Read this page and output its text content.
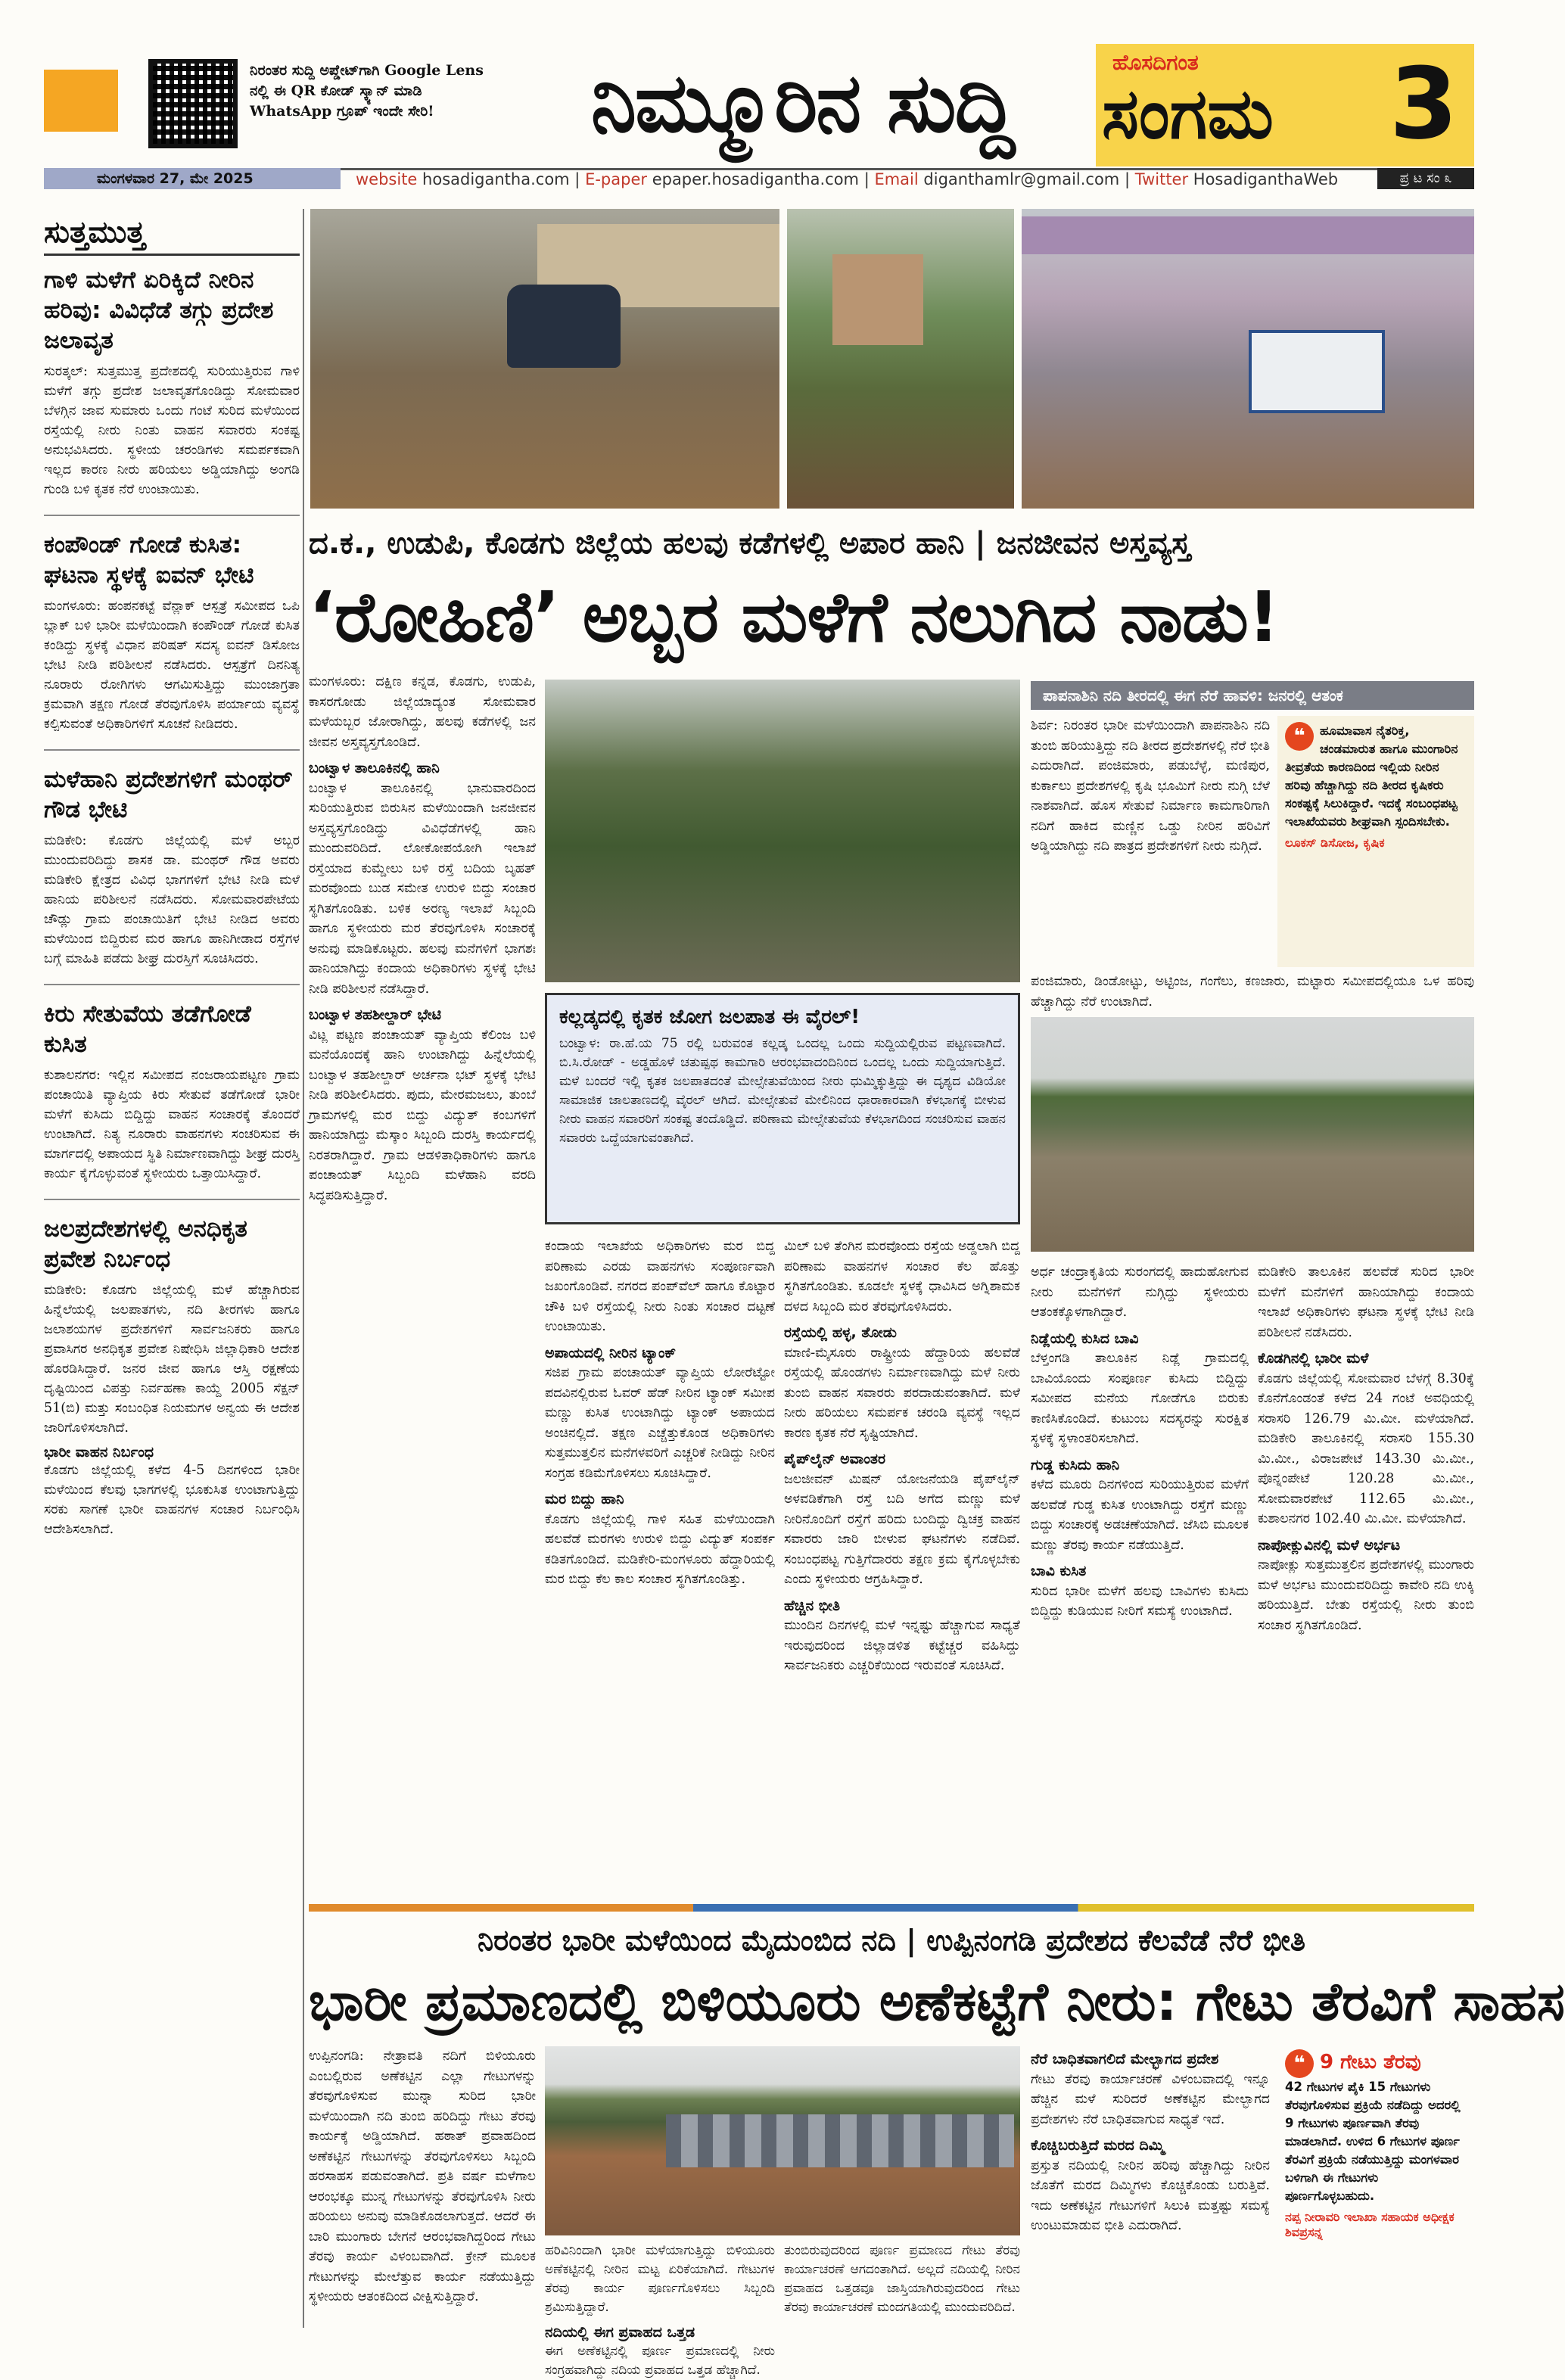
ನಿರಂತರ ಸುದ್ದಿ ಅಪ್ಡೇಟ್‌ಗಾಗಿ Google Lens ನಲ್ಲಿ ಈ QR ಕೋಡ್ ಸ್ಕ್ಯಾನ್ ಮಾಡಿ WhatsApp ಗ್ರೂಪ್ ಇಂದೇ ಸೇರಿ!	ನಿಮ್ಮೂರಿನ ಸುದ್ದಿ	ಹೊಸದಿಗಂತ
ಸಂಗಮ 3
ಮಂಗಳವಾರ 27, ಮೇ 2025	website hosadigantha.com | E-paper epaper.hosadigantha.com | Email diganthamlr@gmail.com | Twitter HosadiganthaWeb	ಪ್ರ ಟ ಸಂ ೩
ಸುತ್ತಮುತ್ತ
ಗಾಳಿ ಮಳೆಗೆ ಏರಿಕ್ಕಿದೆ ನೀರಿನ ಹರಿವು: ವಿವಿಧೆಡೆ ತಗ್ಗು ಪ್ರದೇಶ ಜಲಾವೃತ
ಸುರತ್ಕಲ್: ಸುತ್ತಮುತ್ತ ಪ್ರದೇಶದಲ್ಲಿ ಸುರಿಯುತ್ತಿರುವ ಗಾಳಿ ಮಳೆಗೆ ತಗ್ಗು ಪ್ರದೇಶ ಜಲಾವೃತಗೊಂಡಿದ್ದು ಸೋಮವಾರ ಬೆಳಗ್ಗಿನ ಜಾವ ಸುಮಾರು ಒಂದು ಗಂಟೆ ಸುರಿದ ಮಳೆಯಿಂದ ರಸ್ತೆಯಲ್ಲಿ ನೀರು ನಿಂತು ವಾಹನ ಸವಾರರು ಸಂಕಷ್ಟ ಅನುಭವಿಸಿದರು. ಸ್ಥಳೀಯ ಚರಂಡಿಗಳು ಸಮರ್ಪಕವಾಗಿ ಇಲ್ಲದ ಕಾರಣ ನೀರು ಹರಿಯಲು ಅಡ್ಡಿಯಾಗಿದ್ದು ಅಂಗಡಿ ಗುಂಡಿ ಬಳಿ ಕೃತಕ ನೆರೆ ಉಂಟಾಯಿತು.
ಕಂಪೌಂಡ್ ಗೋಡೆ ಕುಸಿತ: ಘಟನಾ ಸ್ಥಳಕ್ಕೆ ಐವನ್ ಭೇಟಿ
ಮಂಗಳೂರು: ಹಂಪನಕಟ್ಟೆ ವೆನ್ಲಾಕ್ ಆಸ್ಪತ್ರೆ ಸಮೀಪದ ಒಪಿ ಬ್ಲಾಕ್ ಬಳಿ ಭಾರೀ ಮಳೆಯಿಂದಾಗಿ ಕಂಪೌಂಡ್ ಗೋಡೆ ಕುಸಿತ ಕಂಡಿದ್ದು ಸ್ಥಳಕ್ಕೆ ವಿಧಾನ ಪರಿಷತ್ ಸದಸ್ಯ ಐವನ್ ಡಿಸೋಜ ಭೇಟಿ ನೀಡಿ ಪರಿಶೀಲನೆ ನಡೆಸಿದರು. ಆಸ್ಪತ್ರೆಗೆ ದಿನನಿತ್ಯ ನೂರಾರು ರೋಗಿಗಳು ಆಗಮಿಸುತ್ತಿದ್ದು ಮುಂಜಾಗ್ರತಾ ಕ್ರಮವಾಗಿ ತಕ್ಷಣ ಗೋಡೆ ತೆರವುಗೊಳಿಸಿ ಪರ್ಯಾಯ ವ್ಯವಸ್ಥೆ ಕಲ್ಪಿಸುವಂತೆ ಅಧಿಕಾರಿಗಳಿಗೆ ಸೂಚನೆ ನೀಡಿದರು.
ಮಳೆಹಾನಿ ಪ್ರದೇಶಗಳಿಗೆ ಮಂಥರ್ ಗೌಡ ಭೇಟಿ
ಮಡಿಕೇರಿ: ಕೊಡಗು ಜಿಲ್ಲೆಯಲ್ಲಿ ಮಳೆ ಅಬ್ಬರ ಮುಂದುವರಿದಿದ್ದು ಶಾಸಕ ಡಾ. ಮಂಥರ್ ಗೌಡ ಅವರು ಮಡಿಕೇರಿ ಕ್ಷೇತ್ರದ ವಿವಿಧ ಭಾಗಗಳಿಗೆ ಭೇಟಿ ನೀಡಿ ಮಳೆ ಹಾನಿಯ ಪರಿಶೀಲನೆ ನಡೆಸಿದರು. ಸೋಮವಾರಪೇಟೆಯ ಚೌಡ್ಲು ಗ್ರಾಮ ಪಂಚಾಯಿತಿಗೆ ಭೇಟಿ ನೀಡಿದ ಅವರು ಮಳೆಯಿಂದ ಬಿದ್ದಿರುವ ಮರ ಹಾಗೂ ಹಾನಿಗೀಡಾದ ರಸ್ತೆಗಳ ಬಗ್ಗೆ ಮಾಹಿತಿ ಪಡೆದು ಶೀಘ್ರ ದುರಸ್ತಿಗೆ ಸೂಚಿಸಿದರು.
ಕಿರು ಸೇತುವೆಯ ತಡೆಗೋಡೆ ಕುಸಿತ
ಕುಶಾಲನಗರ: ಇಲ್ಲಿನ ಸಮೀಪದ ನಂಜರಾಯಪಟ್ಟಣ ಗ್ರಾಮ ಪಂಚಾಯಿತಿ ವ್ಯಾಪ್ತಿಯ ಕಿರು ಸೇತುವೆ ತಡೆಗೋಡೆ ಭಾರೀ ಮಳೆಗೆ ಕುಸಿದು ಬಿದ್ದಿದ್ದು ವಾಹನ ಸಂಚಾರಕ್ಕೆ ತೊಂದರೆ ಉಂಟಾಗಿದೆ. ನಿತ್ಯ ನೂರಾರು ವಾಹನಗಳು ಸಂಚರಿಸುವ ಈ ಮಾರ್ಗದಲ್ಲಿ ಅಪಾಯದ ಸ್ಥಿತಿ ನಿರ್ಮಾಣವಾಗಿದ್ದು ಶೀಘ್ರ ದುರಸ್ತಿ ಕಾರ್ಯ ಕೈಗೊಳ್ಳುವಂತೆ ಸ್ಥಳೀಯರು ಒತ್ತಾಯಿಸಿದ್ದಾರೆ.
ಜಲಪ್ರದೇಶಗಳಲ್ಲಿ ಅನಧಿಕೃತ ಪ್ರವೇಶ ನಿರ್ಬಂಧ
ಮಡಿಕೇರಿ: ಕೊಡಗು ಜಿಲ್ಲೆಯಲ್ಲಿ ಮಳೆ ಹೆಚ್ಚಾಗಿರುವ ಹಿನ್ನೆಲೆಯಲ್ಲಿ ಜಲಪಾತಗಳು, ನದಿ ತೀರಗಳು ಹಾಗೂ ಜಲಾಶಯಗಳ ಪ್ರದೇಶಗಳಿಗೆ ಸಾರ್ವಜನಿಕರು ಹಾಗೂ ಪ್ರವಾಸಿಗರ ಅನಧಿಕೃತ ಪ್ರವೇಶ ನಿಷೇಧಿಸಿ ಜಿಲ್ಲಾಧಿಕಾರಿ ಆದೇಶ ಹೊರಡಿಸಿದ್ದಾರೆ. ಜನರ ಜೀವ ಹಾಗೂ ಆಸ್ತಿ ರಕ್ಷಣೆಯ ದೃಷ್ಟಿಯಿಂದ ವಿಪತ್ತು ನಿರ್ವಹಣಾ ಕಾಯ್ದೆ 2005 ಸೆಕ್ಷನ್ 51(ಬಿ) ಮತ್ತು ಸಂಬಂಧಿತ ನಿಯಮಗಳ ಅನ್ವಯ ಈ ಆದೇಶ ಜಾರಿಗೊಳಿಸಲಾಗಿದೆ.
ಭಾರೀ ವಾಹನ ನಿರ್ಬಂಧ
ಕೊಡಗು ಜಿಲ್ಲೆಯಲ್ಲಿ ಕಳೆದ 4-5 ದಿನಗಳಿಂದ ಭಾರೀ ಮಳೆಯಿಂದ ಕೆಲವು ಭಾಗಗಳಲ್ಲಿ ಭೂಕುಸಿತ ಉಂಟಾಗುತ್ತಿದ್ದು ಸರಕು ಸಾಗಣೆ ಭಾರೀ ವಾಹನಗಳ ಸಂಚಾರ ನಿರ್ಬಂಧಿಸಿ ಆದೇಶಿಸಲಾಗಿದೆ.
ದ.ಕ., ಉಡುಪಿ, ಕೊಡಗು ಜಿಲ್ಲೆಯ ಹಲವು ಕಡೆಗಳಲ್ಲಿ ಅಪಾರ ಹಾನಿ | ಜನಜೀವನ ಅಸ್ತವ್ಯಸ್ತ
‘ರೋಹಿಣಿ’ ಅಬ್ಬರ ಮಳೆಗೆ ನಲುಗಿದ ನಾಡು!
ಮಂಗಳೂರು: ದಕ್ಷಿಣ ಕನ್ನಡ, ಕೊಡಗು, ಉಡುಪಿ, ಕಾಸರಗೋಡು ಜಿಲ್ಲೆಯಾದ್ಯಂತ ಸೋಮವಾರ ಮಳೆಯಬ್ಬರ ಜೋರಾಗಿದ್ದು, ಹಲವು ಕಡೆಗಳಲ್ಲಿ ಜನ ಜೀವನ ಅಸ್ತವ್ಯಸ್ತಗೊಂಡಿದೆ.
ಬಂಟ್ವಾಳ ತಾಲೂಕಿನಲ್ಲಿ ಹಾನಿ
ಬಂಟ್ವಾಳ ತಾಲೂಕಿನಲ್ಲಿ ಭಾನುವಾರದಿಂದ ಸುರಿಯುತ್ತಿರುವ ಬಿರುಸಿನ ಮಳೆಯಿಂದಾಗಿ ಜನಜೀವನ ಅಸ್ತವ್ಯಸ್ತಗೊಂಡಿದ್ದು ವಿವಿಧೆಡೆಗಳಲ್ಲಿ ಹಾನಿ ಮುಂದುವರಿದಿದೆ. ಲೋಕೋಪಯೋಗಿ ಇಲಾಖೆ ರಸ್ತೆಯಾದ ಕುಮ್ಡೇಲು ಬಳಿ ರಸ್ತೆ ಬದಿಯ ಬೃಹತ್ ಮರವೊಂದು ಬುಡ ಸಮೇತ ಉರುಳಿ ಬಿದ್ದು ಸಂಚಾರ ಸ್ಥಗಿತಗೊಂಡಿತು. ಬಳಿಕ ಅರಣ್ಯ ಇಲಾಖೆ ಸಿಬ್ಬಂದಿ ಹಾಗೂ ಸ್ಥಳೀಯರು ಮರ ತೆರವುಗೊಳಿಸಿ ಸಂಚಾರಕ್ಕೆ ಅನುವು ಮಾಡಿಕೊಟ್ಟರು. ಹಲವು ಮನೆಗಳಿಗೆ ಭಾಗಶಃ ಹಾನಿಯಾಗಿದ್ದು ಕಂದಾಯ ಅಧಿಕಾರಿಗಳು ಸ್ಥಳಕ್ಕೆ ಭೇಟಿ ನೀಡಿ ಪರಿಶೀಲನೆ ನಡೆಸಿದ್ದಾರೆ.
ಬಂಟ್ವಾಳ ತಹಶೀಲ್ದಾರ್ ಭೇಟಿ
ವಿಟ್ಲ ಪಟ್ಟಣ ಪಂಚಾಯತ್ ವ್ಯಾಪ್ತಿಯ ಕೆಲಿಂಜ ಬಳಿ ಮನೆಯೊಂದಕ್ಕೆ ಹಾನಿ ಉಂಟಾಗಿದ್ದು ಹಿನ್ನೆಲೆಯಲ್ಲಿ ಬಂಟ್ವಾಳ ತಹಶೀಲ್ದಾರ್ ಅರ್ಚನಾ ಭಟ್ ಸ್ಥಳಕ್ಕೆ ಭೇಟಿ ನೀಡಿ ಪರಿಶೀಲಿಸಿದರು. ಪುದು, ಮೇರಮಜಲು, ತುಂಬೆ ಗ್ರಾಮಗಳಲ್ಲಿ ಮರ ಬಿದ್ದು ವಿದ್ಯುತ್ ಕಂಬಗಳಿಗೆ ಹಾನಿಯಾಗಿದ್ದು ಮೆಸ್ಕಾಂ ಸಿಬ್ಬಂದಿ ದುರಸ್ತಿ ಕಾರ್ಯದಲ್ಲಿ ನಿರತರಾಗಿದ್ದಾರೆ. ಗ್ರಾಮ ಆಡಳಿತಾಧಿಕಾರಿಗಳು ಹಾಗೂ ಪಂಚಾಯತ್ ಸಿಬ್ಬಂದಿ ಮಳೆಹಾನಿ ವರದಿ ಸಿದ್ಧಪಡಿಸುತ್ತಿದ್ದಾರೆ.
ಕಲ್ಲಡ್ಕದಲ್ಲಿ ಕೃತಕ ಜೋಗ ಜಲಪಾತ ಈ ವೈರಲ್!

ಬಂಟ್ವಾಳ: ರಾ.ಹೆ.ಯ 75 ರಲ್ಲಿ ಬರುವಂತ ಕಲ್ಲಡ್ಕ ಒಂದಲ್ಲ ಒಂದು ಸುದ್ದಿಯಲ್ಲಿರುವ ಪಟ್ಟಣವಾಗಿದೆ. ಬಿ.ಸಿ.ರೋಡ್ - ಅಡ್ಡಹೊಳೆ ಚತುಷ್ಪಥ ಕಾಮಗಾರಿ ಆರಂಭವಾದಂದಿನಿಂದ ಒಂದಲ್ಲ ಒಂದು ಸುದ್ದಿಯಾಗುತ್ತಿದೆ. ಮಳೆ ಬಂದರೆ ಇಲ್ಲಿ ಕೃತಕ ಜಲಪಾತದಂತೆ ಮೇಲ್ಸೇತುವೆಯಿಂದ ನೀರು ಧುಮ್ಮಿಕ್ಕುತ್ತಿದ್ದು ಈ ದೃಶ್ಯದ ವಿಡಿಯೋ ಸಾಮಾಜಿಕ ಜಾಲತಾಣದಲ್ಲಿ ವೈರಲ್ ಆಗಿದೆ. ಮೇಲ್ಸೇತುವೆ ಮೇಲಿನಿಂದ ಧಾರಾಕಾರವಾಗಿ ಕೆಳಭಾಗಕ್ಕೆ ಬೀಳುವ ನೀರು ವಾಹನ ಸವಾರರಿಗೆ ಸಂಕಷ್ಟ ತಂದೊಡ್ಡಿದೆ. ಪರಿಣಾಮ ಮೇಲ್ಸೇತುವೆಯ ಕೆಳಭಾಗದಿಂದ ಸಂಚರಿಸುವ ವಾಹನ ಸವಾರರು ಒದ್ದೆಯಾಗುವಂತಾಗಿದೆ.

ಕಂದಾಯ ಇಲಾಖೆಯ ಅಧಿಕಾರಿಗಳು ಮರ ಬಿದ್ದ ಪರಿಣಾಮ ಎರಡು ವಾಹನಗಳು ಸಂಪೂರ್ಣವಾಗಿ ಜಖಂಗೊಂಡಿವೆ. ನಗರದ ಪಂಪ್‌ವೆಲ್ ಹಾಗೂ ಕೊಟ್ಟಾರ ಚೌಕಿ ಬಳಿ ರಸ್ತೆಯಲ್ಲಿ ನೀರು ನಿಂತು ಸಂಚಾರ ದಟ್ಟಣೆ ಉಂಟಾಯಿತು.
ಅಪಾಯದಲ್ಲಿ ನೀರಿನ ಟ್ಯಾಂಕ್
ಸಜಿಪ ಗ್ರಾಮ ಪಂಚಾಯತ್ ವ್ಯಾಪ್ತಿಯ ಲೋರೆಟ್ಟೋ ಪದವಿನಲ್ಲಿರುವ ಓವರ್ ಹೆಡ್ ನೀರಿನ ಟ್ಯಾಂಕ್ ಸಮೀಪ ಮಣ್ಣು ಕುಸಿತ ಉಂಟಾಗಿದ್ದು ಟ್ಯಾಂಕ್ ಅಪಾಯದ ಅಂಚಿನಲ್ಲಿದೆ. ತಕ್ಷಣ ಎಚ್ಚೆತ್ತುಕೊಂಡ ಅಧಿಕಾರಿಗಳು ಸುತ್ತಮುತ್ತಲಿನ ಮನೆಗಳವರಿಗೆ ಎಚ್ಚರಿಕೆ ನೀಡಿದ್ದು ನೀರಿನ ಸಂಗ್ರಹ ಕಡಿಮೆಗೊಳಿಸಲು ಸೂಚಿಸಿದ್ದಾರೆ.
ಮರ ಬಿದ್ದು ಹಾನಿ
ಕೊಡಗು ಜಿಲ್ಲೆಯಲ್ಲಿ ಗಾಳಿ ಸಹಿತ ಮಳೆಯಿಂದಾಗಿ ಹಲವೆಡೆ ಮರಗಳು ಉರುಳಿ ಬಿದ್ದು ವಿದ್ಯುತ್ ಸಂಪರ್ಕ ಕಡಿತಗೊಂಡಿದೆ. ಮಡಿಕೇರಿ-ಮಂಗಳೂರು ಹೆದ್ದಾರಿಯಲ್ಲಿ ಮರ ಬಿದ್ದು ಕೆಲ ಕಾಲ ಸಂಚಾರ ಸ್ಥಗಿತಗೊಂಡಿತ್ತು.
ಮಿಲ್ ಬಳಿ ತೆಂಗಿನ ಮರವೊಂದು ರಸ್ತೆಯ ಅಡ್ಡಲಾಗಿ ಬಿದ್ದ ಪರಿಣಾಮ ವಾಹನಗಳ ಸಂಚಾರ ಕೆಲ ಹೊತ್ತು ಸ್ಥಗಿತಗೊಂಡಿತು. ಕೂಡಲೇ ಸ್ಥಳಕ್ಕೆ ಧಾವಿಸಿದ ಅಗ್ನಿಶಾಮಕ ದಳದ ಸಿಬ್ಬಂದಿ ಮರ ತೆರವುಗೊಳಿಸಿದರು.
ರಸ್ತೆಯಲ್ಲಿ ಹಳ್ಳ, ತೋಡು
ಮಾಣಿ-ಮೈಸೂರು ರಾಷ್ಟ್ರೀಯ ಹೆದ್ದಾರಿಯ ಹಲವೆಡೆ ರಸ್ತೆಯಲ್ಲಿ ಹೊಂಡಗಳು ನಿರ್ಮಾಣವಾಗಿದ್ದು ಮಳೆ ನೀರು ತುಂಬಿ ವಾಹನ ಸವಾರರು ಪರದಾಡುವಂತಾಗಿದೆ. ಮಳೆ ನೀರು ಹರಿಯಲು ಸಮರ್ಪಕ ಚರಂಡಿ ವ್ಯವಸ್ಥೆ ಇಲ್ಲದ ಕಾರಣ ಕೃತಕ ನೆರೆ ಸೃಷ್ಟಿಯಾಗಿದೆ.
ಪೈಪ್‌ಲೈನ್ ಅವಾಂತರ
ಜಲಜೀವನ್ ಮಿಷನ್ ಯೋಜನೆಯಡಿ ಪೈಪ್‌ಲೈನ್ ಅಳವಡಿಕೆಗಾಗಿ ರಸ್ತೆ ಬದಿ ಅಗೆದ ಮಣ್ಣು ಮಳೆ ನೀರಿನೊಂದಿಗೆ ರಸ್ತೆಗೆ ಹರಿದು ಬಂದಿದ್ದು ದ್ವಿಚಕ್ರ ವಾಹನ ಸವಾರರು ಜಾರಿ ಬೀಳುವ ಘಟನೆಗಳು ನಡೆದಿವೆ. ಸಂಬಂಧಪಟ್ಟ ಗುತ್ತಿಗೆದಾರರು ತಕ್ಷಣ ಕ್ರಮ ಕೈಗೊಳ್ಳಬೇಕು ಎಂದು ಸ್ಥಳೀಯರು ಆಗ್ರಹಿಸಿದ್ದಾರೆ.
ಹೆಚ್ಚಿನ ಭೀತಿ
ಮುಂದಿನ ದಿನಗಳಲ್ಲಿ ಮಳೆ ಇನ್ನಷ್ಟು ಹೆಚ್ಚಾಗುವ ಸಾಧ್ಯತೆ ಇರುವುದರಿಂದ ಜಿಲ್ಲಾಡಳಿತ ಕಟ್ಟೆಚ್ಚರ ವಹಿಸಿದ್ದು ಸಾರ್ವಜನಿಕರು ಎಚ್ಚರಿಕೆಯಿಂದ ಇರುವಂತೆ ಸೂಚಿಸಿದೆ.
ಪಾಪನಾಶಿನಿ ನದಿ ತೀರದಲ್ಲಿ ಈಗ ನೆರೆ ಹಾವಳಿ: ಜನರಲ್ಲಿ ಆತಂಕ
ಶಿರ್ವ: ನಿರಂತರ ಭಾರೀ ಮಳೆಯಿಂದಾಗಿ ಪಾಪನಾಶಿನಿ ನದಿ ತುಂಬಿ ಹರಿಯುತ್ತಿದ್ದು ನದಿ ತೀರದ ಪ್ರದೇಶಗಳಲ್ಲಿ ನೆರೆ ಭೀತಿ ಎದುರಾಗಿದೆ. ಪಂಜಿಮಾರು, ಪಡುಬೆಳ್ಳೆ, ಮಣಿಪುರ, ಕುರ್ಕಾಲು ಪ್ರದೇಶಗಳಲ್ಲಿ ಕೃಷಿ ಭೂಮಿಗೆ ನೀರು ನುಗ್ಗಿ ಬೆಳೆ ನಾಶವಾಗಿದೆ. ಹೊಸ ಸೇತುವೆ ನಿರ್ಮಾಣ ಕಾಮಗಾರಿಗಾಗಿ ನದಿಗೆ ಹಾಕಿದ ಮಣ್ಣಿನ ಒಡ್ಡು ನೀರಿನ ಹರಿವಿಗೆ ಅಡ್ಡಿಯಾಗಿದ್ದು ನದಿ ಪಾತ್ರದ ಪ್ರದೇಶಗಳಿಗೆ ನೀರು ನುಗ್ಗಿದೆ.
❝	ಹೂಮಾವಾಸ ನೈತರಿಕ್ತ, ಚಂಡಮಾರುತ ಹಾಗೂ ಮುಂಗಾರಿನ ತೀವ್ರತೆಯ ಕಾರಣದಿಂದ ಇಲ್ಲಿಯ ನೀರಿನ ಹರಿವು ಹೆಚ್ಚಾಗಿದ್ದು ನದಿ ತೀರದ ಕೃಷಿಕರು ಸಂಕಷ್ಟಕ್ಕೆ ಸಿಲುಕಿದ್ದಾರೆ. ಇದಕ್ಕೆ ಸಂಬಂಧಪಟ್ಟ ಇಲಾಖೆಯವರು ಶೀಘ್ರವಾಗಿ ಸ್ಪಂದಿಸಬೇಕು.
ಲೂಕಸ್ ಡಿಸೋಜ, ಕೃಷಿಕ
ಪಂಜಿಮಾರು, ಡಿಂಡೋಟ್ಟು, ಅಟ್ಟಿಂಜ, ಗಂಗೆಲು, ಕಣಜಾರು, ಮಟ್ಟಾರು ಸಮೀಪದಲ್ಲಿಯೂ ಒಳ ಹರಿವು ಹೆಚ್ಚಾಗಿದ್ದು ನೆರೆ ಉಂಟಾಗಿದೆ.
ಅರ್ಧ ಚಂದ್ರಾಕೃತಿಯ ಸುರಂಗದಲ್ಲಿ ಹಾದುಹೋಗುವ ನೀರು ಮನೆಗಳಿಗೆ ನುಗ್ಗಿದ್ದು ಸ್ಥಳೀಯರು ಆತಂಕಕ್ಕೊಳಗಾಗಿದ್ದಾರೆ.
ನಿಡ್ಲೆಯಲ್ಲಿ ಕುಸಿದ ಬಾವಿ
ಬೆಳ್ತಂಗಡಿ ತಾಲೂಕಿನ ನಿಡ್ಲೆ ಗ್ರಾಮದಲ್ಲಿ ಬಾವಿಯೊಂದು ಸಂಪೂರ್ಣ ಕುಸಿದು ಬಿದ್ದಿದ್ದು ಸಮೀಪದ ಮನೆಯ ಗೋಡೆಗೂ ಬಿರುಕು ಕಾಣಿಸಿಕೊಂಡಿದೆ. ಕುಟುಂಬ ಸದಸ್ಯರನ್ನು ಸುರಕ್ಷಿತ ಸ್ಥಳಕ್ಕೆ ಸ್ಥಳಾಂತರಿಸಲಾಗಿದೆ.
ಗುಡ್ಡ ಕುಸಿದು ಹಾನಿ
ಕಳೆದ ಮೂರು ದಿನಗಳಿಂದ ಸುರಿಯುತ್ತಿರುವ ಮಳೆಗೆ ಹಲವೆಡೆ ಗುಡ್ಡ ಕುಸಿತ ಉಂಟಾಗಿದ್ದು ರಸ್ತೆಗೆ ಮಣ್ಣು ಬಿದ್ದು ಸಂಚಾರಕ್ಕೆ ಅಡಚಣೆಯಾಗಿದೆ. ಜೆಸಿಬಿ ಮೂಲಕ ಮಣ್ಣು ತೆರವು ಕಾರ್ಯ ನಡೆಯುತ್ತಿದೆ.
ಬಾವಿ ಕುಸಿತ
ಸುರಿದ ಭಾರೀ ಮಳೆಗೆ ಹಲವು ಬಾವಿಗಳು ಕುಸಿದು ಬಿದ್ದಿದ್ದು ಕುಡಿಯುವ ನೀರಿಗೆ ಸಮಸ್ಯೆ ಉಂಟಾಗಿದೆ.
ಮಡಿಕೇರಿ ತಾಲೂಕಿನ ಹಲವೆಡೆ ಸುರಿದ ಭಾರೀ ಮಳೆಗೆ ಮನೆಗಳಿಗೆ ಹಾನಿಯಾಗಿದ್ದು ಕಂದಾಯ ಇಲಾಖೆ ಅಧಿಕಾರಿಗಳು ಘಟನಾ ಸ್ಥಳಕ್ಕೆ ಭೇಟಿ ನೀಡಿ ಪರಿಶೀಲನೆ ನಡೆಸಿದರು.
ಕೊಡಗಿನಲ್ಲಿ ಭಾರೀ ಮಳೆ
ಕೊಡಗು ಜಿಲ್ಲೆಯಲ್ಲಿ ಸೋಮವಾರ ಬೆಳಗ್ಗೆ 8.30ಕ್ಕೆ ಕೊನೆಗೊಂಡಂತೆ ಕಳೆದ 24 ಗಂಟೆ ಅವಧಿಯಲ್ಲಿ ಸರಾಸರಿ 126.79 ಮಿ.ಮೀ. ಮಳೆಯಾಗಿದೆ. ಮಡಿಕೇರಿ ತಾಲೂಕಿನಲ್ಲಿ ಸರಾಸರಿ 155.30 ಮಿ.ಮೀ., ವಿರಾಜಪೇಟೆ 143.30 ಮಿ.ಮೀ., ಪೊನ್ನಂಪೇಟೆ 120.28 ಮಿ.ಮೀ., ಸೋಮವಾರಪೇಟೆ 112.65 ಮಿ.ಮೀ., ಕುಶಾಲನಗರ 102.40 ಮಿ.ಮೀ. ಮಳೆಯಾಗಿದೆ.
ನಾಪೋಕ್ಲುವಿನಲ್ಲಿ ಮಳೆ ಅರ್ಭಟ
ನಾಪೋಕ್ಲು ಸುತ್ತಮುತ್ತಲಿನ ಪ್ರದೇಶಗಳಲ್ಲಿ ಮುಂಗಾರು ಮಳೆ ಅರ್ಭಟ ಮುಂದುವರಿದಿದ್ದು ಕಾವೇರಿ ನದಿ ಉಕ್ಕಿ ಹರಿಯುತ್ತಿದೆ. ಬೇತು ರಸ್ತೆಯಲ್ಲಿ ನೀರು ತುಂಬಿ ಸಂಚಾರ ಸ್ಥಗಿತಗೊಂಡಿದೆ.
ನಿರಂತರ ಭಾರೀ ಮಳೆಯಿಂದ ಮೈದುಂಬಿದ ನದಿ | ಉಪ್ಪಿನಂಗಡಿ ಪ್ರದೇಶದ ಕೆಲವೆಡೆ ನೆರೆ ಭೀತಿ
ಭಾರೀ ಪ್ರಮಾಣದಲ್ಲಿ ಬಿಳಿಯೂರು ಅಣೆಕಟ್ಟೆಗೆ ನೀರು: ಗೇಟು ತೆರವಿಗೆ ಸಾಹಸ
ಉಪ್ಪಿನಂಗಡಿ: ನೇತ್ರಾವತಿ ನದಿಗೆ ಬಿಳಿಯೂರು ಎಂಬಲ್ಲಿರುವ ಅಣೆಕಟ್ಟಿನ ಎಲ್ಲಾ ಗೇಟುಗಳನ್ನು ತೆರವುಗೊಳಿಸುವ ಮುನ್ನಾ ಸುರಿದ ಭಾರೀ ಮಳೆಯಿಂದಾಗಿ ನದಿ ತುಂಬಿ ಹರಿದಿದ್ದು ಗೇಟು ತೆರವು ಕಾರ್ಯಕ್ಕೆ ಅಡ್ಡಿಯಾಗಿದೆ. ಹಠಾತ್ ಪ್ರವಾಹದಿಂದ ಅಣೆಕಟ್ಟಿನ ಗೇಟುಗಳನ್ನು ತೆರವುಗೊಳಿಸಲು ಸಿಬ್ಬಂದಿ ಹರಸಾಹಸ ಪಡುವಂತಾಗಿದೆ. ಪ್ರತಿ ವರ್ಷ ಮಳೆಗಾಲ ಆರಂಭಕ್ಕೂ ಮುನ್ನ ಗೇಟುಗಳನ್ನು ತೆರವುಗೊಳಿಸಿ ನೀರು ಹರಿಯಲು ಅನುವು ಮಾಡಿಕೊಡಲಾಗುತ್ತದೆ. ಆದರೆ ಈ ಬಾರಿ ಮುಂಗಾರು ಬೇಗನೆ ಆರಂಭವಾಗಿದ್ದರಿಂದ ಗೇಟು ತೆರವು ಕಾರ್ಯ ವಿಳಂಬವಾಗಿದೆ. ಕ್ರೇನ್ ಮೂಲಕ ಗೇಟುಗಳನ್ನು ಮೇಲೆತ್ತುವ ಕಾರ್ಯ ನಡೆಯುತ್ತಿದ್ದು ಸ್ಥಳೀಯರು ಆತಂಕದಿಂದ ವೀಕ್ಷಿಸುತ್ತಿದ್ದಾರೆ.
ಹರಿವಿನಿಂದಾಗಿ ಭಾರೀ ಮಳೆಯಾಗುತ್ತಿದ್ದು ಬಿಳಿಯೂರು ಅಣೆಕಟ್ಟಿನಲ್ಲಿ ನೀರಿನ ಮಟ್ಟ ಏರಿಕೆಯಾಗಿದೆ. ಗೇಟುಗಳ ತೆರವು ಕಾರ್ಯ ಪೂರ್ಣಗೊಳಿಸಲು ಸಿಬ್ಬಂದಿ ಶ್ರಮಿಸುತ್ತಿದ್ದಾರೆ.
ನದಿಯಲ್ಲಿ ಈಗ ಪ್ರವಾಹದ ಒತ್ತಡ
ಈಗ ಅಣೆಕಟ್ಟಿನಲ್ಲಿ ಪೂರ್ಣ ಪ್ರಮಾಣದಲ್ಲಿ ನೀರು ಸಂಗ್ರಹವಾಗಿದ್ದು ನದಿಯ ಪ್ರವಾಹದ ಒತ್ತಡ ಹೆಚ್ಚಾಗಿದೆ.
ತುಂಬಿರುವುದರಿಂದ ಪೂರ್ಣ ಪ್ರಮಾಣದ ಗೇಟು ತೆರವು ಕಾರ್ಯಾಚರಣೆ ಆಗದಂತಾಗಿದೆ. ಅಲ್ಲದೆ ನದಿಯಲ್ಲಿ ನೀರಿನ ಪ್ರವಾಹದ ಒತ್ತಡವೂ ಜಾಸ್ತಿಯಾಗಿರುವುದರಿಂದ ಗೇಟು ತೆರವು ಕಾರ್ಯಾಚರಣೆ ಮಂದಗತಿಯಲ್ಲಿ ಮುಂದುವರಿದಿದೆ.
ನೆರೆ ಬಾಧಿತವಾಗಲಿದೆ ಮೇಲ್ಭಾಗದ ಪ್ರದೇಶ
ಗೇಟು ತೆರವು ಕಾರ್ಯಾಚರಣೆ ವಿಳಂಬವಾದಲ್ಲಿ ಇನ್ನೂ ಹೆಚ್ಚಿನ ಮಳೆ ಸುರಿದರೆ ಅಣೆಕಟ್ಟಿನ ಮೇಲ್ಭಾಗದ ಪ್ರದೇಶಗಳು ನೆರೆ ಬಾಧಿತವಾಗುವ ಸಾಧ್ಯತೆ ಇದೆ.
ಕೊಚ್ಚಿಬರುತ್ತಿದೆ ಮರದ ದಿಮ್ಮಿ
ಪ್ರಸ್ತುತ ನದಿಯಲ್ಲಿ ನೀರಿನ ಹರಿವು ಹೆಚ್ಚಾಗಿದ್ದು ನೀರಿನ ಜೊತೆಗೆ ಮರದ ದಿಮ್ಮಿಗಳು ಕೊಚ್ಚಿಕೊಂಡು ಬರುತ್ತಿವೆ. ಇದು ಅಣೆಕಟ್ಟಿನ ಗೇಟುಗಳಿಗೆ ಸಿಲುಕಿ ಮತ್ತಷ್ಟು ಸಮಸ್ಯೆ ಉಂಟುಮಾಡುವ ಭೀತಿ ಎದುರಾಗಿದೆ.
❝ 9 ಗೇಟು ತೆರವು
42 ಗೇಟುಗಳ ಪೈಕಿ 15 ಗೇಟುಗಳು ತೆರವುಗೊಳಿಸುವ ಪ್ರಕ್ರಿಯೆ ನಡೆದಿದ್ದು ಅದರಲ್ಲಿ 9 ಗೇಟುಗಳು ಪೂರ್ಣವಾಗಿ ತೆರವು ಮಾಡಲಾಗಿದೆ. ಉಳಿದ 6 ಗೇಟುಗಳ ಪೂರ್ಣ ತೆರವಿಗೆ ಪ್ರಕ್ರಿಯೆ ನಡೆಯುತ್ತಿದ್ದು ಮಂಗಳವಾರ ಬಳಿಗಾಗಿ ಈ ಗೇಟುಗಳು ಪೂರ್ಣಗೊಳ್ಳಬಹುದು.
ನಪ್ಪ ನೀರಾವರಿ ಇಲಾಖಾ ಸಹಾಯಕ ಅಧೀಕ್ಷಕ ಶಿವಪ್ರಸನ್ನ
